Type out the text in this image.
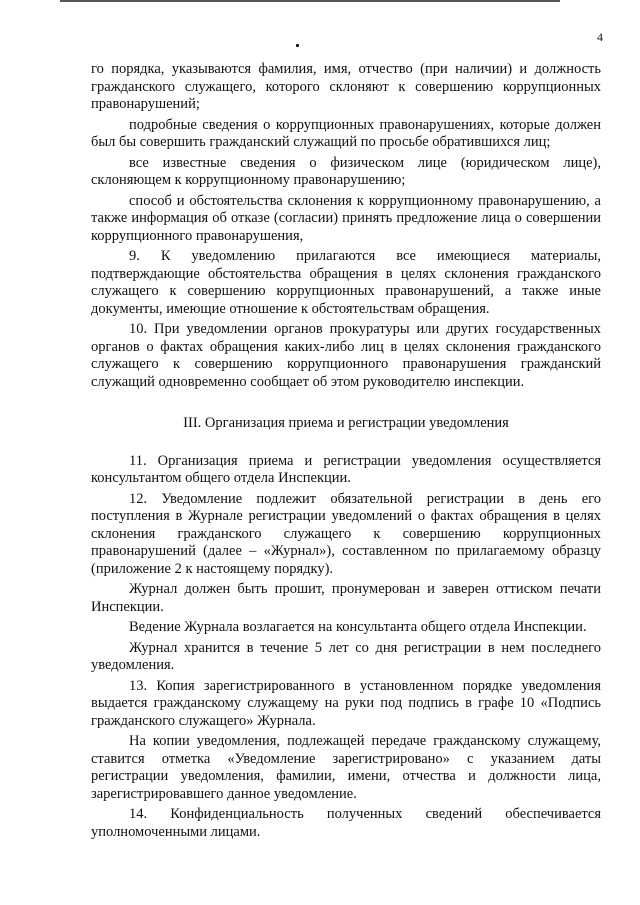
4

го порядка, указываются фамилия, имя, отчество (при наличии) и должность гражданского служащего, которого склоняют к совершению коррупционных правонарушений;

подробные сведения о коррупционных правонарушениях, которые должен был бы совершить гражданский служащий по просьбе обратившихся лиц;

все известные сведения о физическом лице (юридическом лице), склоняющем к коррупционному правонарушению;

способ и обстоятельства склонения к коррупционному правонарушению, а также информация об отказе (согласии) принять предложение лица о совершении коррупционного правонарушения,

9. К уведомлению прилагаются все имеющиеся материалы, подтверждающие обстоятельства обращения в целях склонения гражданского служащего к совершению коррупционных правонарушений, а также иные документы, имеющие отношение к обстоятельствам обращения.

10. При уведомлении органов прокуратуры или других государственных органов о фактах обращения каких-либо лиц в целях склонения гражданского служащего к совершению коррупционного правонарушения гражданский служащий одновременно сообщает об этом руководителю инспекции.

III. Организация приема и регистрации уведомления

11. Организация приема и регистрации уведомления осуществляется консультантом общего отдела Инспекции.

12. Уведомление подлежит обязательной регистрации в день его поступления в Журнале регистрации уведомлений о фактах обращения в целях склонения гражданского служащего к совершению коррупционных правонарушений (далее – «Журнал»), составленном по прилагаемому образцу (приложение 2 к настоящему порядку).

Журнал должен быть прошит, пронумерован и заверен оттиском печати Инспекции.

Ведение Журнала возлагается на консультанта общего отдела Инспекции.

Журнал хранится в течение 5 лет со дня регистрации в нем последнего уведомления.

13. Копия зарегистрированного в установленном порядке уведомления выдается гражданскому служащему на руки под подпись в графе 10 «Подпись гражданского служащего» Журнала.

На копии уведомления, подлежащей передаче гражданскому служащему, ставится отметка «Уведомление зарегистрировано» с указанием даты регистрации уведомления, фамилии, имени, отчества и должности лица, зарегистрировавшего данное уведомление.

14. Конфиденциальность полученных сведений обеспечивается уполномоченными лицами.
